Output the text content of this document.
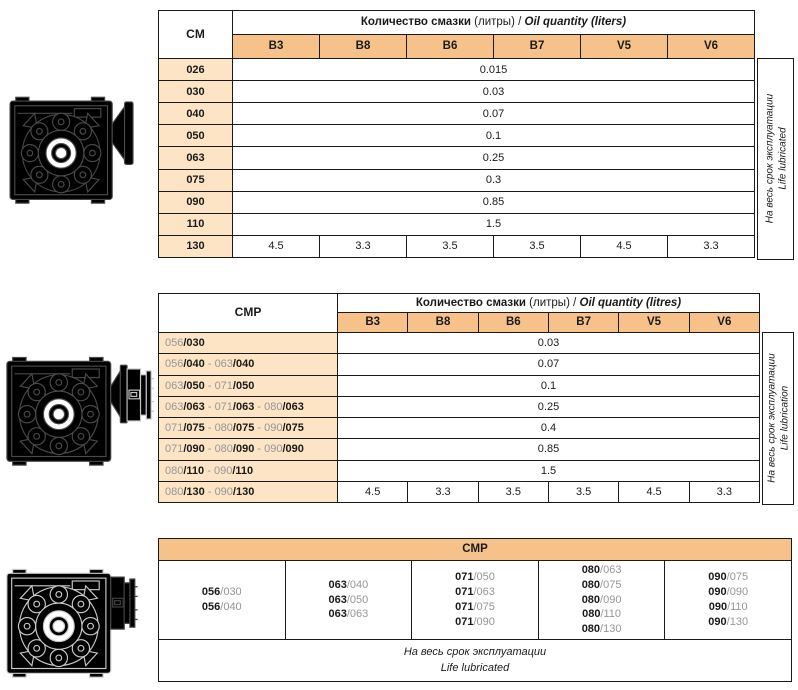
CM	Количество смазки (литры) / Oil quantity (liters)					
	B3	B8	B6	B7	V5	V6
026	0.015					
030	0.03					
040	0.07					
050	0.1					
063	0.25					
075	0.3					
090	0.85					
110	1.5					
130	4.5	3.3	3.5	3.5	4.5	3.3
На весь срок эксплуатации Life lubricated
CMP	Количество смазки (литры) / Oil quantity (litres)					
	B3	B8	B6	B7	V5	V6
056/030	0.03					
056/040 - 063/040	0.07					
063/050 - 071/050	0.1					
063/063 - 071/063 - 080/063	0.25					
071/075 - 080/075 - 090/075	0.4					
071/090 - 080/090 - 090/090	0.85					
080/110 - 090/110	1.5					
080/130 - 090/130	4.5	3.3	3.5	3.5	4.5	3.3
На весь срок эксплуатации Life lubrication
CMP

056/030
056/040

063/040
063/050
063/063

071/050
071/063
071/075
071/090

080/063
080/075
080/090
080/110
080/130

090/075
090/090
090/110
090/130

На весь срок эксплуатации
Life lubricated
